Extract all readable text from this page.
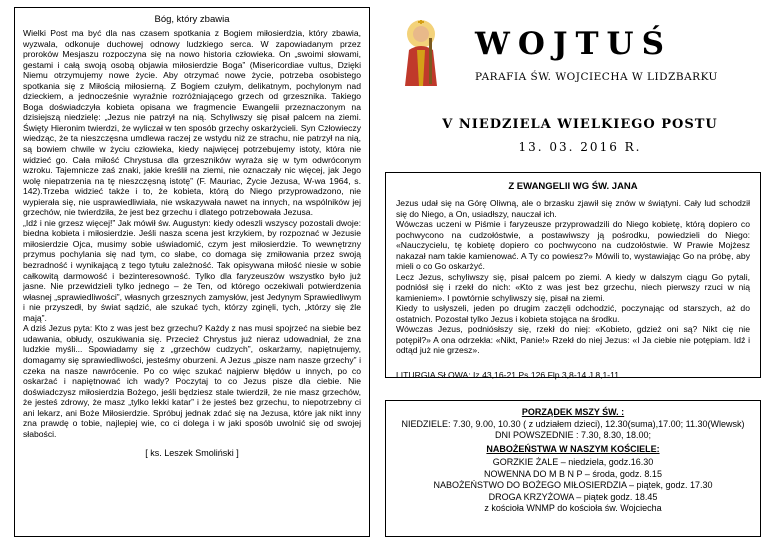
Bóg, który zbawia

Wielki Post ma być dla nas czasem spotkania z Bogiem miłosierdzia, który zbawia, wyzwala, odkonuje duchowej odnowy ludzkiego serca. W zapowiadanym przez proroków Mesjaszu rozpoczyna się na nowo historia człowieka. On „swoimi słowami, gestami i całą swoją osobą objawia miłosierdzie Boga” (Misericordiae vultus, Dzięki Niemu otrzymujemy nowe życie. Aby otrzymać nowe życie, potrzeba osobistego spotkania się z Miłością miłosierną. Z Bogiem czułym, delikatnym, pochylonym nad dzieckiem, a jednocześnie wyraźnie rozróżniającego grzech od grzesznika. Takiego Boga doświadczyła kobieta opisana we fragmencie Ewangelii przeznaczonym na dzisiejszą niedzielę: „Jezus nie patrzył na nią. Schyliwszy się pisał palcem na ziemi. Święty Hieronim twierdzi, że wyliczał w ten sposób grzechy oskarżycieli. Syn Człowieczy wiedząc, że ta nieszczęsna umdlewa raczej ze wstydu niż ze strachu, nie patrzył na nią, są bowiem chwile w życiu człowieka, kiedy najwięcej potrzebujemy istoty, która nie widzieć go. Cała miłość Chrystusa dla grzeszników wyraża się w tym odwróconym wzroku. Tajemnicze zaś znaki, jakie kreślił na ziemi, nie oznaczały nic więcej, jak Jego wolę niepatrzenia na tę nieszczęsną istotę” (F. Mauriac, Życie Jezusa, W-wa 1964, s. 142).Trzeba widzieć także i to, że kobieta, którą do Niego przyprowadzono, nie wypierała się, nie usprawiedliwiała, nie wskazywała nawet na innych, na wspólników jej grzechów, nie twierdziła, że jest bez grzechu i dlatego potrzebowała Jezusa.

„Idź i nie grzesz więcej!” Jak mówił św. Augustyn: kiedy odeszli wszyscy pozostali dwoje: biedna kobieta i miłosierdzie. Jeśli nasza scena jest krzykiem, by rozpoznać w Jezusie miłosierdzie Ojca, musimy sobie uświadomić, czym jest miłosierdzie. To wewnętrzny przymus pochylania się nad tym, co słabe, co domaga się zmiłowania przez swoją bezradność i wynikającą z tego tytułu zależność. Tak opisywana miłość niesie w sobie całkowitą darmowość i bezinteresowność. Tylko dla faryzeuszów wszystko było już jasne. Nie przewidzieli tylko jednego – że Ten, od którego oczekiwali potwierdzenia własnej „sprawiedliwości”, własnych grzesznych zamysłów, jest Jedynym Sprawiedliwym i nie przyszedł, by świat sądzić, ale szukać tych, którzy zginęli, tych, „którzy się źle mają”.

A dziś Jezus pyta: Kto z was jest bez grzechu? Każdy z nas musi spojrzeć na siebie bez udawania, obłudy, oszukiwania się. Przecież Chrystus już nieraz udowadniał, że zna ludzkie myśli... Spowiadamy się z „grzechów cudzych”, oskarżamy, napiętnujemy, domagamy się sprawiedliwości, jesteśmy oburzeni. A Jezus „pisze nam nasze grzechy” i czeka na nasze nawrócenie. Po co więc szukać najpierw błędów u innych, po co oskarżać i napiętnować ich wady? Poczytaj to co Jezus pisze dla ciebie. Nie doświadczysz miłosierdzia Bożego, jeśli będziesz stale twierdził, że nie masz grzechów, że jesteś zdrowy, że masz „tylko lekki katar” i że jesteś bez grzechu, to niepotrzebny ci ani lekarz, ani Boże Miłosierdzie. Spróbuj jednak zdać się na Jezusa, które jak nikt inny zna prawdę o tobie, najlepiej wie, co ci dolega i w jaki sposób uwolnić się od swojej słabości.

[ ks. Leszek Smoliński ]
WOJTUŚ
PARAFIA ŚW. WOJCIECHA W LIDZBARKU
V NIEDZIELA WIELKIEGO POSTU
13. 03. 2016 R.
Z EWANGELII WG ŚW. JANA

Jezus udał się na Górę Oliwną, ale o brzasku zjawił się znów w świątyni. Cały lud schodził się do Niego, a On, usiadłszy, nauczał ich.

Wówczas uczeni w Piśmie i faryzeusze przyprowadzili do Niego kobietę, którą dopiero co pochwycono na cudzołóstwie, a postawiwszy ją pośrodku, powiedzieli do Niego: «Nauczycielu, tę kobietę dopiero co pochwycono na cudzołóstwie. W Prawie Mojżesz nakazał nam takie kamienować. A Ty co powiesz?» Mówili to, wystawiając Go na próbę, aby mieli o co Go oskarżyć.

Lecz Jezus, schyliwszy się, pisał palcem po ziemi. A kiedy w dalszym ciągu Go pytali, podniósł się i rzekł do nich: «Kto z was jest bez grzechu, niech pierwszy rzuci w nią kamieniem». I powtórnie schyliwszy się, pisał na ziemi.

Kiedy to usłyszeli, jeden po drugim zaczęli odchodzić, poczynając od starszych, aż do ostatnich. Pozostał tylko Jezus i kobieta stojąca na środku.

Wówczas Jezus, podniósłszy się, rzekł do niej: «Kobieto, gdzież oni są? Nikt cię nie potępił?» A ona odrzekła: «Nikt, Panie!» Rzekł do niej Jezus: «I Ja ciebie nie potępiam. Idź i odtąd już nie grzesz».

LITURGIA SŁOWA: Iz 43,16-21 Ps 126 Flp 3,8-14 J 8,1-11
PORZĄDEK MSZY ŚW. :
NIEDZIELE: 7.30, 9.00, 10.30 ( z udziałem dzieci), 12.30(suma),17.00; 11.30(Wlewsk)
DNI POWSZEDNIE : 7.30, 8.30, 18.00;
NABOŻEŃSTWA W NASZYM KOŚCIELE:
GORZKIE ŻALE – niedziela, godz.16.30
NOWENNA DO M B N P – środa, godz. 8.15
NABOŻEŃSTWO DO BOŻEGO MIŁOSIERDZIA – piątek, godz. 17.30
DROGA KRZYŻOWA – piątek godz. 18.45
z kościoła WNMP do kościoła św. Wojciecha
